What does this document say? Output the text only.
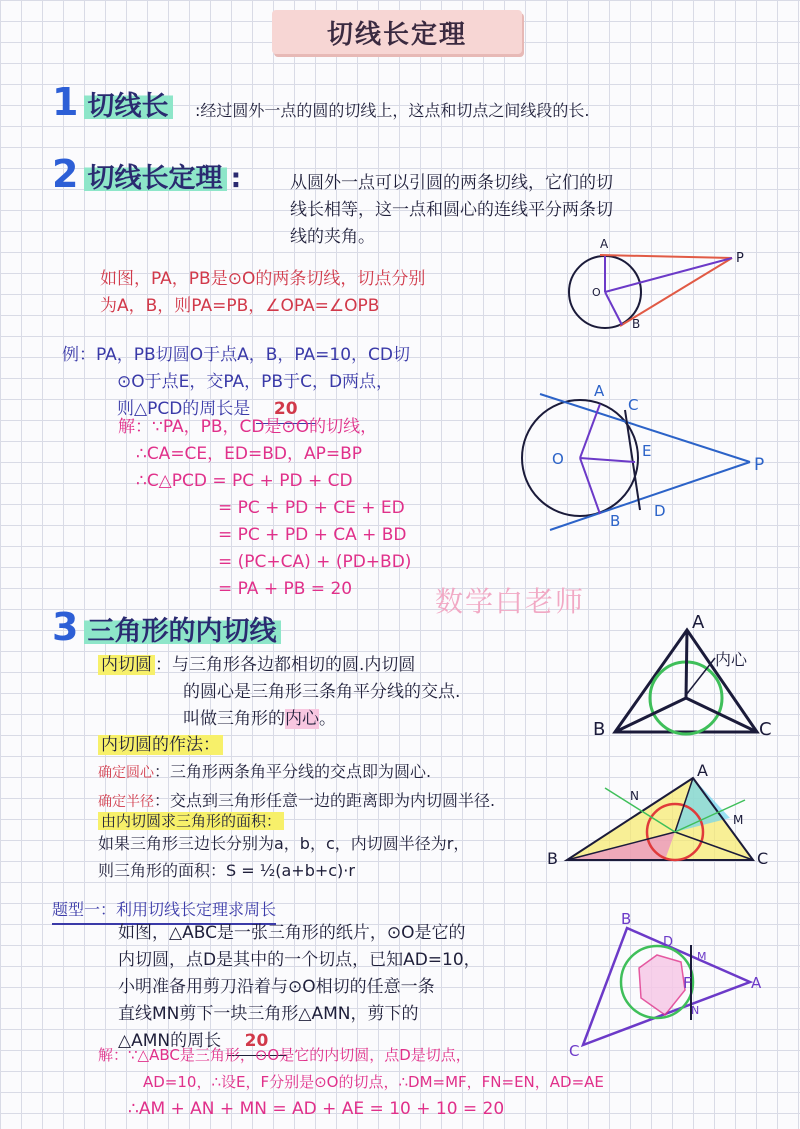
切线长定理
1 切线长 :经过圆外一点的圆的切线上，这点和切点之间线段的长.
2 切线长定理 :	从圆外一点可以引圆的两条切线，它们的切
线长相等，这一点和圆心的连线平分两条切
线的夹角。
如图，PA，PB是⊙O的两条切线，切点分别
为A，B，则PA=PB，∠OPA=∠OPB
A
P
O
B
例：PA，PB切圆O于点A，B，PA=10，CD切
⊙O于点E，交PA，PB于C，D两点，
则△PCD的周长是 20
解：∵PA，PB，CD是⊙O的切线，
∴CA=CE，ED=BD，AP=BP
∴C△PCD = PC + PD + CD
= PC + PD + CE + ED
= PC + PD + CA + BD
= (PC+CA) + (PD+BD)
= PA + PB = 20
A
C
O	E
P
B
D
数学白老师
3 三角形的内切线
内切圆 ：与三角形各边都相切的圆.内切圆
的圆心是三角形三条角平分线的交点.
叫做三角形的内心。
内切圆的作法：
确定圆心：三角形两条角平分线的交点即为圆心.
确定半径：交点到三角形任意一边的距离即为内切圆半径.
由内切圆求三角形的面积：
如果三角形三边长分别为a，b，c，内切圆半径为r，
则三角形的面积：S = ½(a+b+c)·r
A
B	C
内心
A
B	C
N
M
题型一：利用切线长定理求周长
如图，△ABC是一张三角形的纸片，⊙O是它的
内切圆，点D是其中的一个切点，已知AD=10，
小明准备用剪刀沿着与⊙O相切的任意一条
直线MN剪下一块三角形△AMN，剪下的
△AMN的周长 20
解：∵△ABC是三角形，⊙O是它的内切圆，点D是切点，
AD=10，∴设E，F分别是⊙O的切点，∴DM=MF，FN=EN，AD=AE
∴AM + AN + MN = AD + AE = 10 + 10 = 20
B
D
M
F	A
N
C
